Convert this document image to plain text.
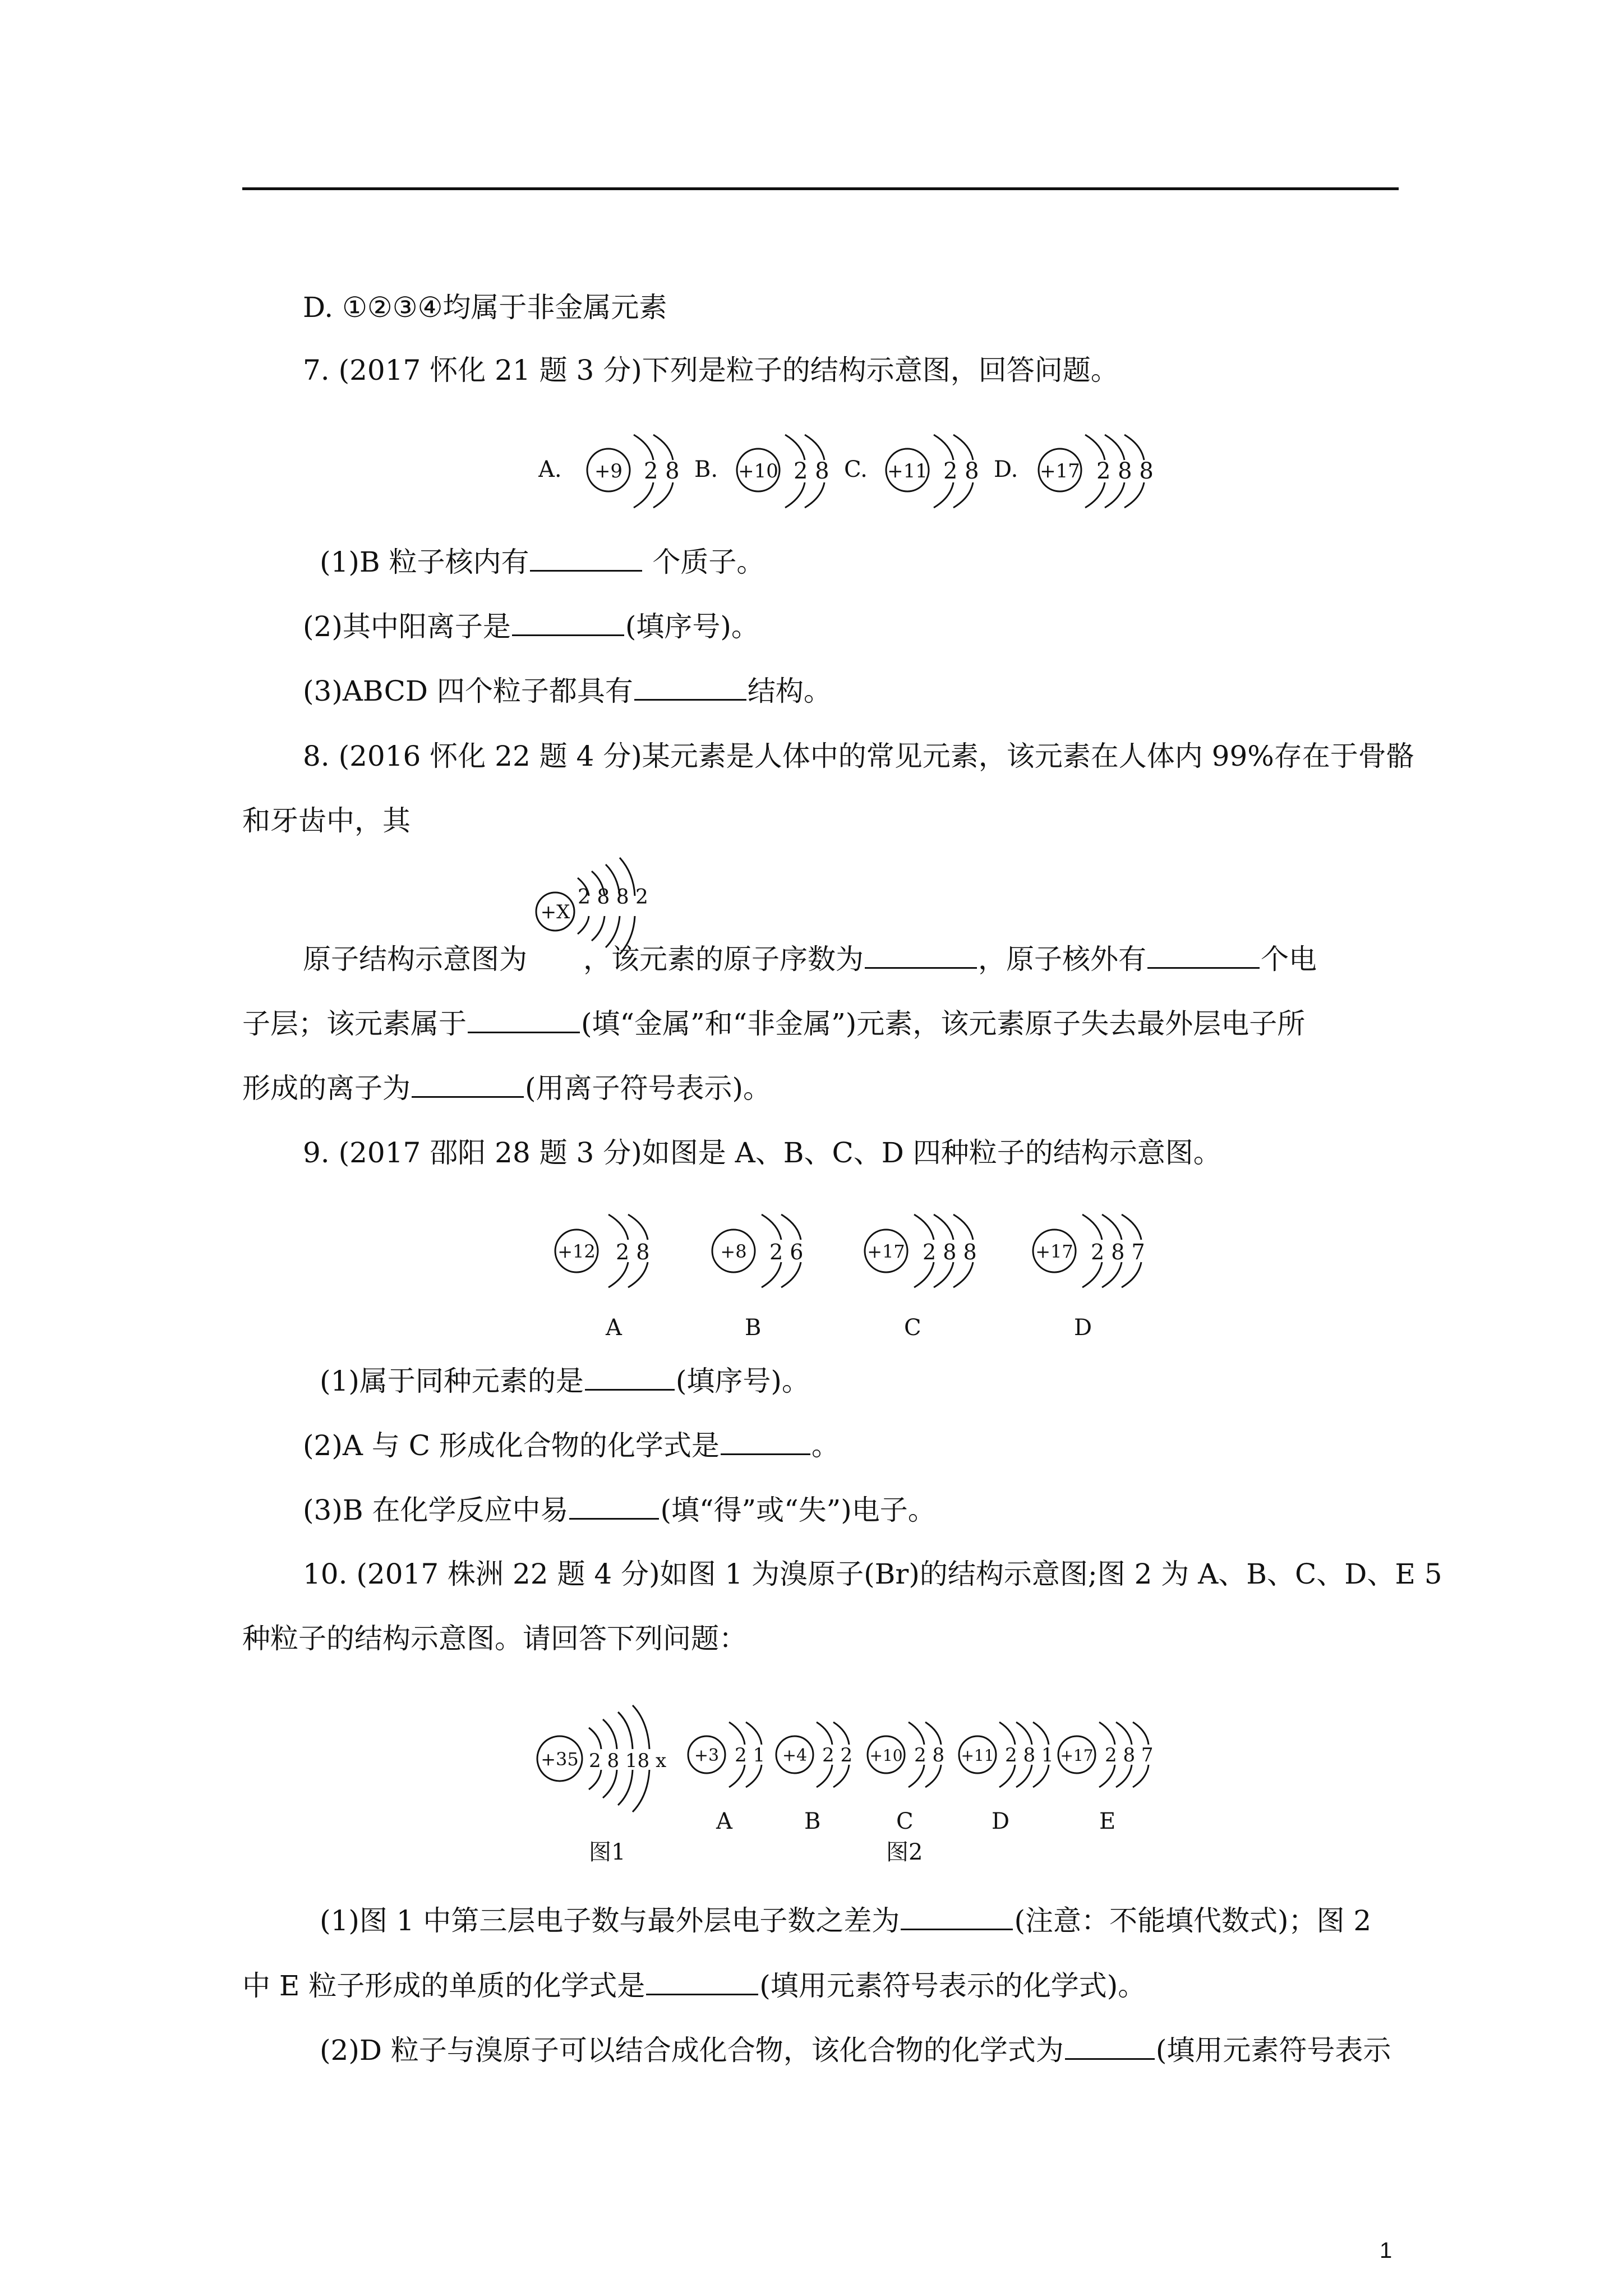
D. ①②③④均属于非金属元素
7. (2017 怀化 21 题 3 分)下列是粒子的结构示意图，回答问题。
A. +9 2 8 B. +10 2 8 C. +11 2 8 D. +17 2 8 8
(1)B 粒子核内有	个质子。
(2)其中阳离子是	(填序号)。
(3)ABCD 四个粒子都具有	结构。
8. (2016 怀化 22 题 4 分)某元素是人体中的常见元素，该元素在人体内 99%存在于骨骼
和牙齿中，其
+X
2 8 8 2
原子结构示意图为 ，该元素的原子序数为	，原子核外有	个电
子层；该元素属于	(填“金属”和“非金属”)元素，该元素原子失去最外层电子所
形成的离子为	(用离子符号表示)。
9. (2017 邵阳 28 题 3 分)如图是 A、B、C、D 四种粒子的结构示意图。
+12 2 8
A
+8 2 6
B
+17 2 8 8
C
+17 2 8 7
D
(1)属于同种元素的是	(填序号)。
(2)A 与 C 形成化合物的化学式是	。
(3)B 在化学反应中易	(填“得”或“失”)电子。
10. (2017 株洲 22 题 4 分)如图 1 为溴原子(Br)的结构示意图;图 2 为 A、B、C、D、E 5
种粒子的结构示意图。请回答下列问题：
+35 2 8 18 x
图1
+3 2 1
A
+4 2 2
B
+10 2 8
C
+11 2 8 1
D
+17 2 8 7
E
图2
(1)图 1 中第三层电子数与最外层电子数之差为	(注意：不能填代数式)；图 2
中 E 粒子形成的单质的化学式是	(填用元素符号表示的化学式)。
(2)D 粒子与溴原子可以结合成化合物，该化合物的化学式为	(填用元素符号表示
1
